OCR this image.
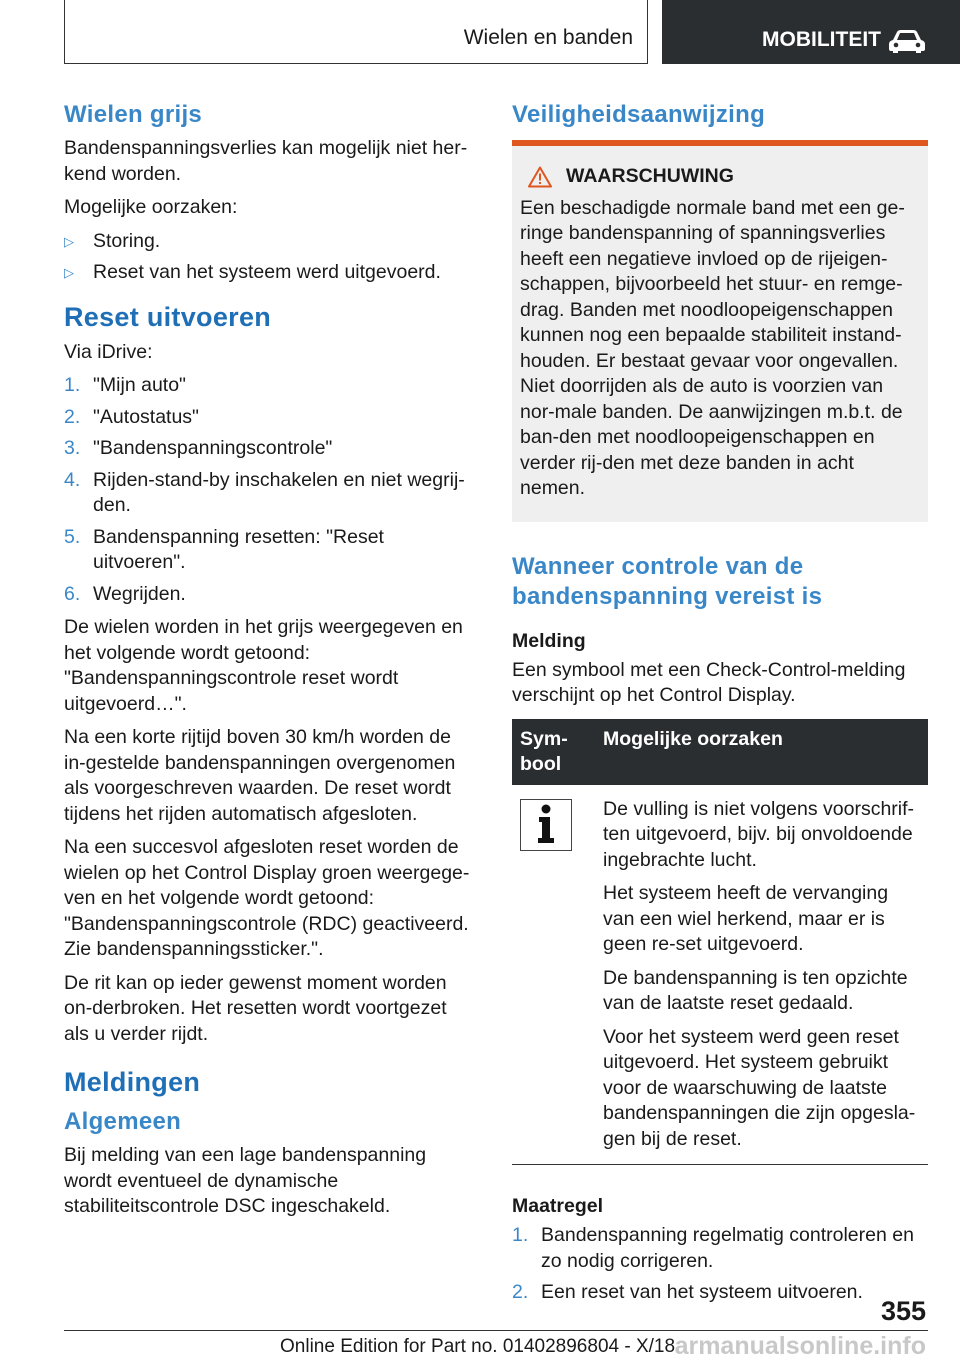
Wielen en banden	MOBILITEIT
Wielen grijs

Bandenspanningsverlies kan mogelijk niet her-kend worden.

Mogelijke oorzaken:

▷ Storing.
▷ Reset van het systeem werd uitgevoerd.
Reset uitvoeren

Via iDrive:

1. "Mijn auto"
2. "Autostatus"
3. "Bandenspanningscontrole"
4. Rijden-stand-by inschakelen en niet wegrij-den.
5. Bandenspanning resetten: "Reset uitvoeren".
6. Wegrijden.

De wielen worden in het grijs weergegeven en het volgende wordt getoond: "Bandenspanningscontrole reset wordt uitgevoerd…".

Na een korte rijtijd boven 30 km/h worden de in-gestelde bandenspanningen overgenomen als voorgeschreven waarden. De reset wordt tijdens het rijden automatisch afgesloten.

Na een succesvol afgesloten reset worden de wielen op het Control Display groen weergege-ven en het volgende wordt getoond: "Bandenspanningscontrole (RDC) geactiveerd. Zie bandenspanningssticker.".

De rit kan op ieder gewenst moment worden on-derbroken. Het resetten wordt voortgezet als u verder rijdt.

Meldingen
Algemeen

Bij melding van een lage bandenspanning wordt eventueel de dynamische stabiliteitscontrole DSC ingeschakeld.

Veiligheidsaanwijzing
WAARSCHUWING
Een beschadigde normale band met een ge-ringe bandenspanning of spanningsverlies heeft een negatieve invloed op de rijeigen-schappen, bijvoorbeeld het stuur- en remge-drag. Banden met noodloopeigenschappen kunnen nog een bepaalde stabiliteit instand-houden. Er bestaat gevaar voor ongevallen.
Niet doorrijden als de auto is voorzien van nor-male banden. De aanwijzingen m.b.t. de ban-den met noodloopeigenschappen en verder rij-den met deze banden in acht nemen.
Wanneer controle van de bandenspanning vereist is
Melding

Een symbool met een Check-Control-melding verschijnt op het Control Display.

Sym-bool	Mogelijke oorzaken

De vulling is niet volgens voorschrif-ten uitgevoerd, bijv. bij onvoldoende ingebrachte lucht.

Het systeem heeft de vervanging van een wiel herkend, maar er is geen re-set uitgevoerd.

De bandenspanning is ten opzichte van de laatste reset gedaald.

Voor het systeem werd geen reset uitgevoerd. Het systeem gebruikt voor de waarschuwing de laatste bandenspanningen die zijn opgesla-gen bij de reset.

Maatregel
1. Bandenspanning regelmatig controleren en zo nodig corrigeren.
2. Een reset van het systeem uitvoeren.
355
Online Edition for Part no. 01402896804 - X/18 armanualsonline.info
